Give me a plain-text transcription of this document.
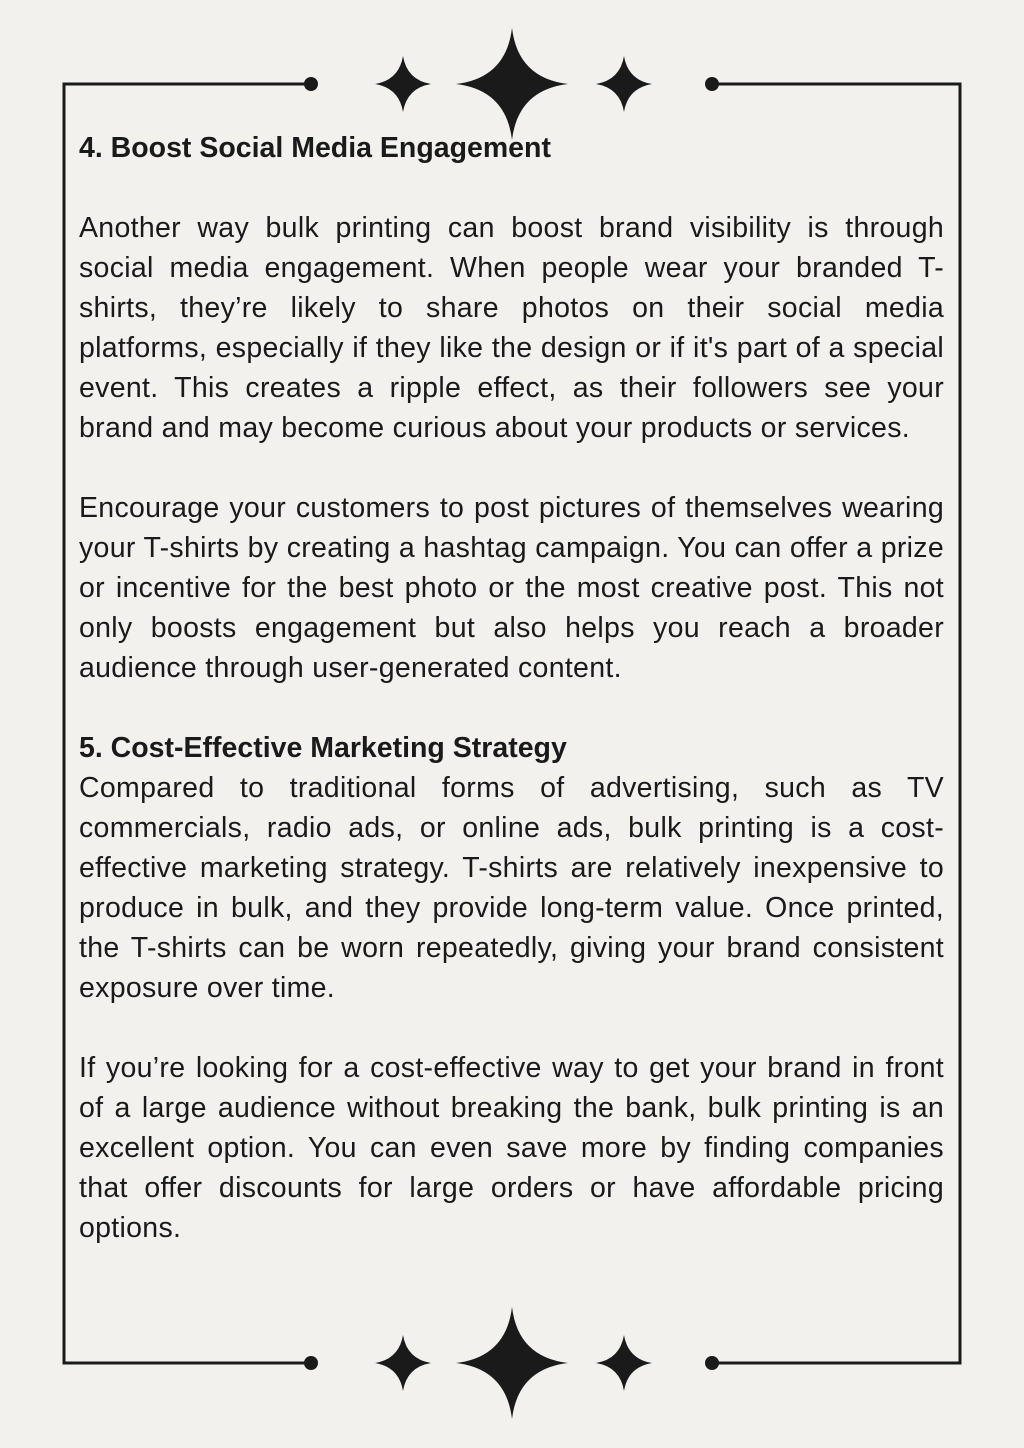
4. Boost Social Media Engagement

Another way bulk printing can boost brand visibility is through social media engagement. When people wear your branded T-shirts, they’re likely to share photos on their social media platforms, especially if they like the design or if it's part of a special event. This creates a ripple effect, as their followers see your brand and may become curious about your products or services.

Encourage your customers to post pictures of themselves wearing your T-shirts by creating a hashtag campaign. You can offer a prize or incentive for the best photo or the most creative post. This not only boosts engagement but also helps you reach a broader audience through user-generated content.

5. Cost-Effective Marketing Strategy

Compared to traditional forms of advertising, such as TV commercials, radio ads, or online ads, bulk printing is a cost-effective marketing strategy. T-shirts are relatively inexpensive to produce in bulk, and they provide long-term value. Once printed, the T-shirts can be worn repeatedly, giving your brand consistent exposure over time.

If you’re looking for a cost-effective way to get your brand in front of a large audience without breaking the bank, bulk printing is an excellent option. You can even save more by finding companies that offer discounts for large orders or have affordable pricing options.
